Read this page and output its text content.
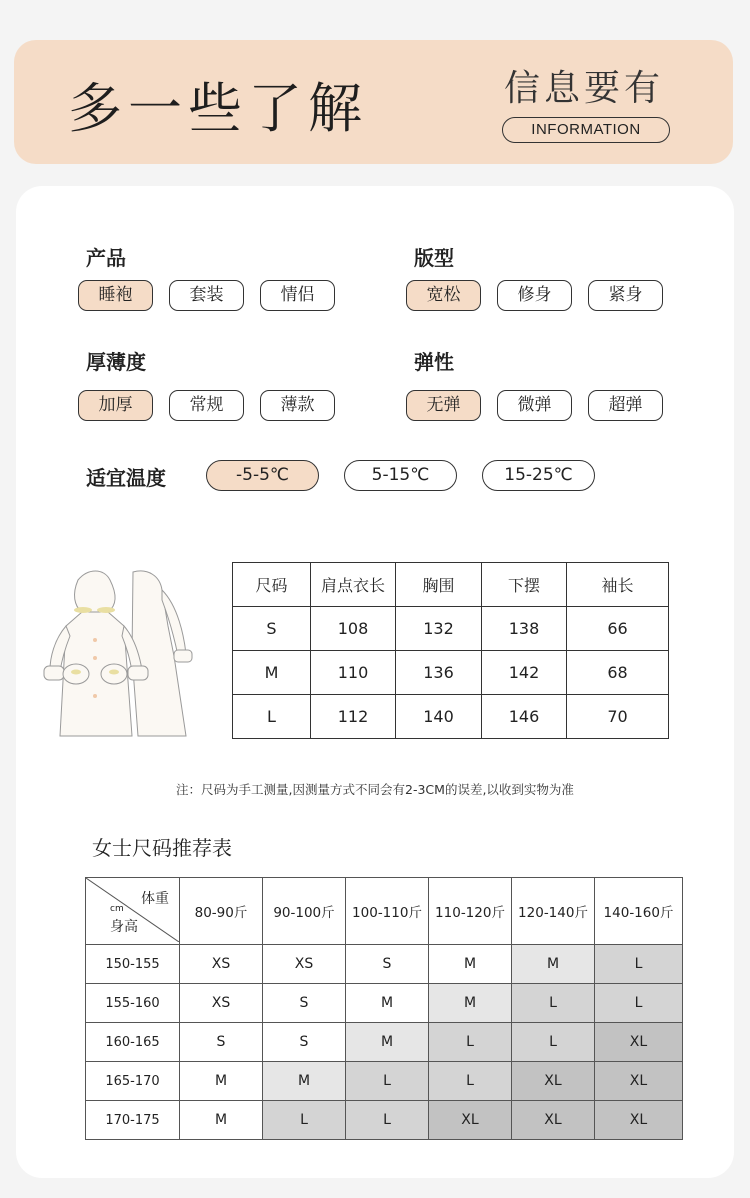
多一些了解	信息要有
INFORMATION
产品
睡袍	套装	情侣
版型
宽松	修身	紧身
厚薄度
加厚	常规	薄款
弹性
无弹	微弹	超弹
适宜温度	-5-5℃	5-15℃	15-25℃
尺码	肩点衣长	胸围	下摆	袖长
S	108	132	138	66
M	110	136	142	68
L	112	140	146	70
注：尺码为手工测量,因测量方式不同会有2-3CM的误差,以收到实物为准
女士尺码推荐表
体重
cm
身高	80-90斤	90-100斤	100-110斤	110-120斤	120-140斤	140-160斤
150-155	XS	XS	S	M	M	L
155-160	XS	S	M	M	L	L
160-165	S	S	M	L	L	XL
165-170	M	M	L	L	XL	XL
170-175	M	L	L	XL	XL	XL
